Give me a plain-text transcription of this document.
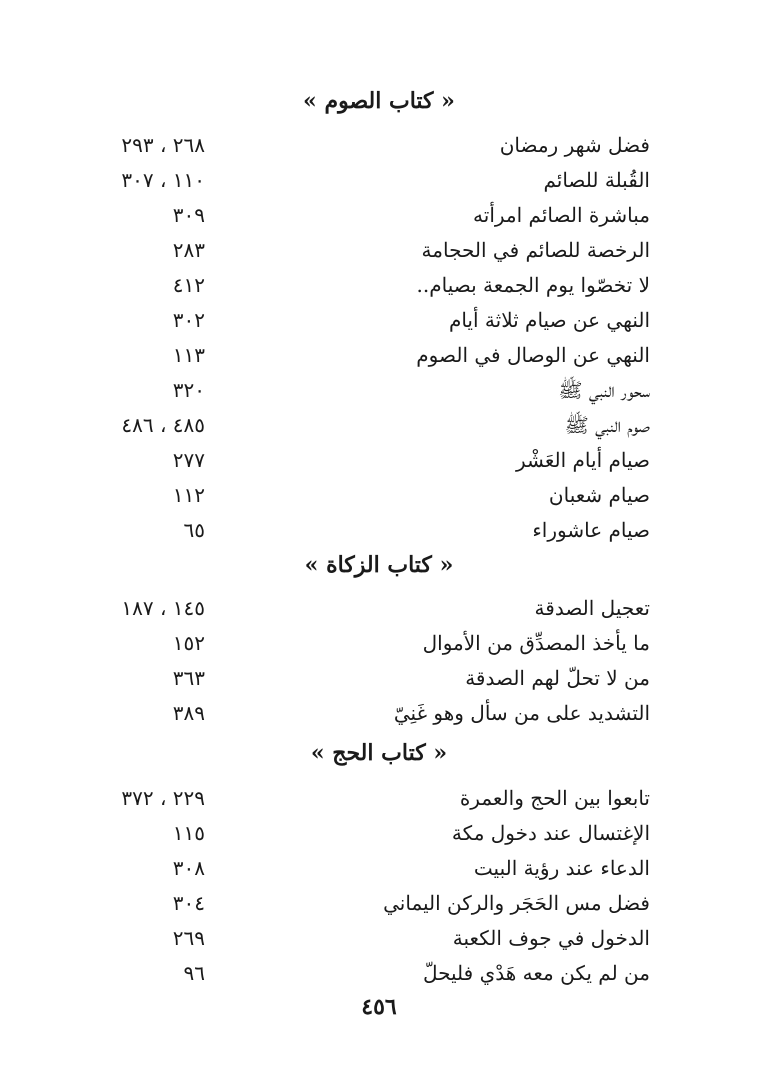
« كتاب الصوم »
فضل شهر رمضان
٢٦٨ ، ٢٩٣
القُبلة للصائم
١١٠ ، ٣٠٧
مباشرة الصائم امرأته
٣٠٩
الرخصة للصائم في الحجامة
٢٨٣
لا تخصّوا يوم الجمعة بصيام..
٤١٢
النهي عن صيام ثلاثة أيام
٣٠٢
النهي عن الوصال في الصوم
١١٣
سحور النبي ﷺ
٣٢٠
صوم النبي ﷺ
٤٨٥ ، ٤٨٦
صيام أيام العَشْر
٢٧٧
صيام شعبان
١١٢
صيام عاشوراء
٦٥
« كتاب الزكاة »
تعجيل الصدقة
١٤٥ ، ١٨٧
ما يأخذ المصدِّق من الأموال
١٥٢
من لا تحلّ لهم الصدقة
٣٦٣
التشديد على من سأل وهو غَنِيّ
٣٨٩
« كتاب الحج »
تابعوا بين الحج والعمرة
٢٢٩ ، ٣٧٢
الإغتسال عند دخول مكة
١١٥
الدعاء عند رؤية البيت
٣٠٨
فضل مس الحَجَر والركن اليماني
٣٠٤
الدخول في جوف الكعبة
٢٦٩
من لم يكن معه هَدْي فليحلّ
٩٦
٤٥٦
